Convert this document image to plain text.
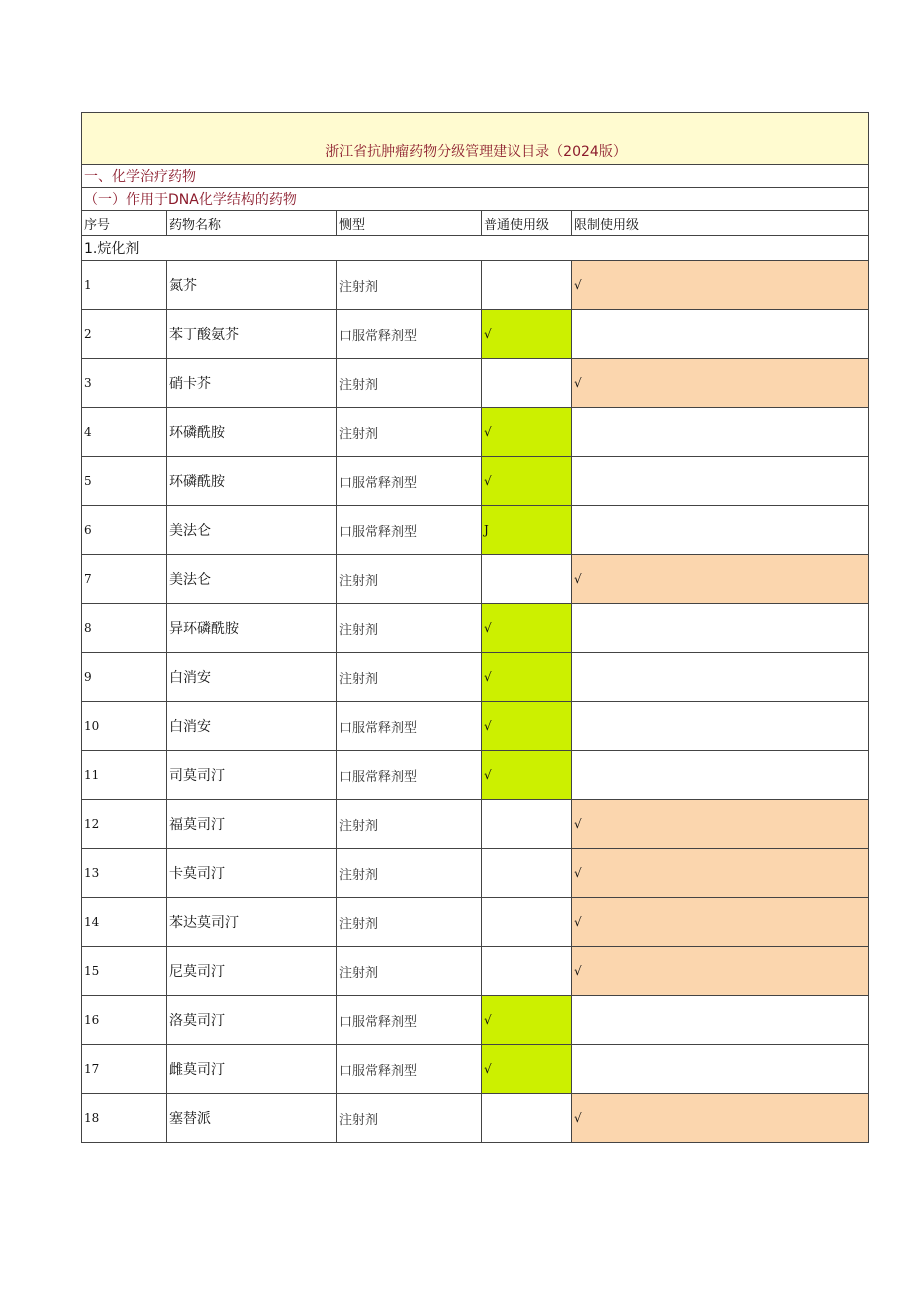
浙江省抗肿瘤药物分级管理建议目录（2024版）				
一、化学治疗药物				
（一）作用于DNA化学结构的药物				
序号	药物名称	恻型	普通使用级	限制使用级
1.烷化剂				
1	氮芥	注射剂		√
2	苯丁酸氨芥	口服常释剂型	√	
3	硝卡芥	注射剂		√
4	环磷酰胺	注射剂	√	
5	环磷酰胺	口服常释剂型	√	
6	美法仑	口服常释剂型	J	
7	美法仑	注射剂		√
8	异环磷酰胺	注射剂	√	
9	白消安	注射剂	√	
10	白消安	口服常释剂型	√	
11	司莫司汀	口服常释剂型	√	
12	福莫司汀	注射剂		√
13	卡莫司汀	注射剂		√
14	苯达莫司汀	注射剂		√
15	尼莫司汀	注射剂		√
16	洛莫司汀	口服常释剂型	√	
17	雌莫司汀	口服常释剂型	√	
18	塞替派	注射剂		√
